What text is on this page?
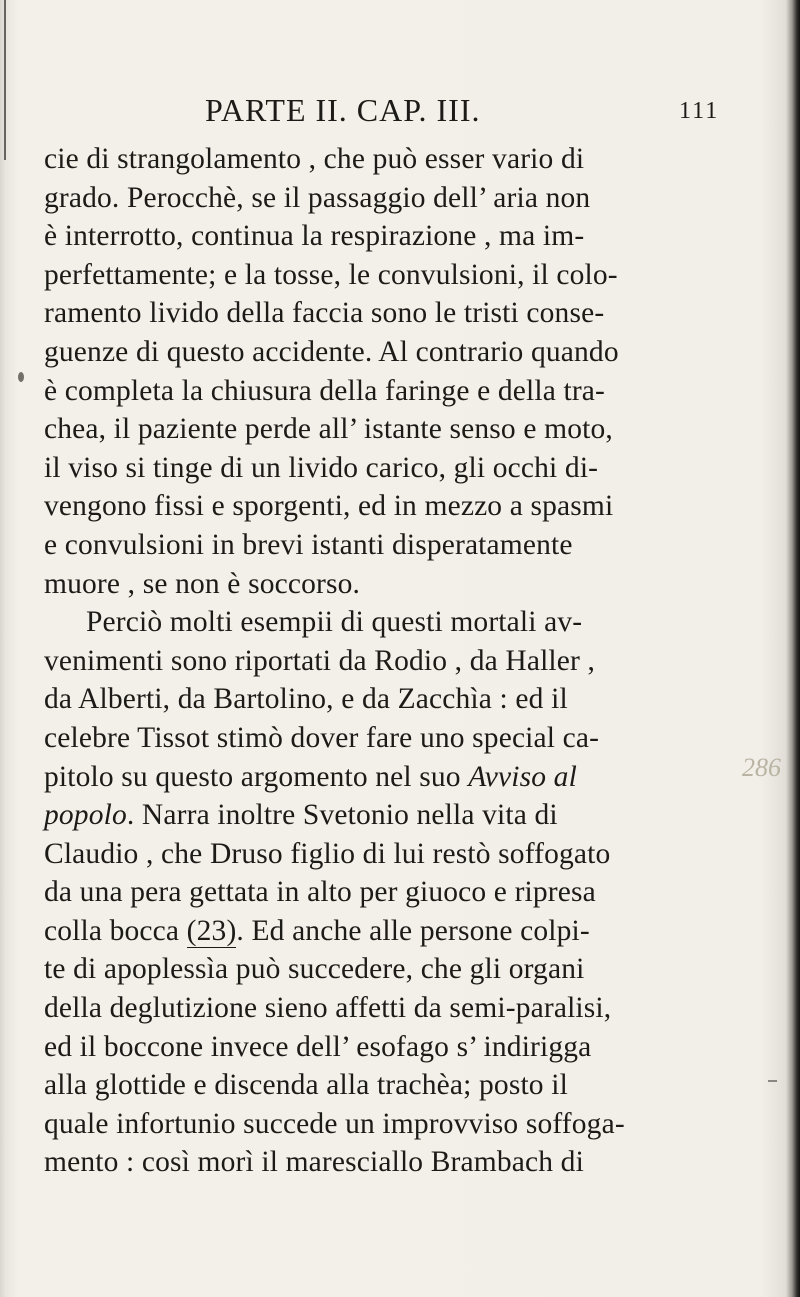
PARTE II. CAP. III.	111
cie di strangolamento , che può esser vario di
grado. Perocchè, se il passaggio dell’ aria non
è interrotto, continua la respirazione , ma im-
perfettamente; e la tosse, le convulsioni, il colo-
ramento livido della faccia sono le tristi conse-
guenze di questo accidente. Al contrario quando
è completa la chiusura della faringe e della tra-
chea, il paziente perde all’ istante senso e moto,
il viso si tinge di un livido carico, gli occhi di-
vengono fissi e sporgenti, ed in mezzo a spasmi
e convulsioni in brevi istanti disperatamente
muore , se non è soccorso.
Perciò molti esempii di questi mortali av-
venimenti sono riportati da Rodio , da Haller ,
da Alberti, da Bartolino, e da Zacchìa : ed il
celebre Tissot stimò dover fare uno special ca-
pitolo su questo argomento nel suo Avviso al
popolo. Narra inoltre Svetonio nella vita di
Claudio , che Druso figlio di lui restò soffogato
da una pera gettata in alto per giuoco e ripresa
colla bocca (23). Ed anche alle persone colpi-
te di apoplessìa può succedere, che gli organi
della deglutizione sieno affetti da semi-paralisi,
ed il boccone invece dell’ esofago s’ indirigga
alla glottide e discenda alla trachèa; posto il
quale infortunio succede un improvviso soffoga-
mento : così morì il maresciallo Brambach di
286
